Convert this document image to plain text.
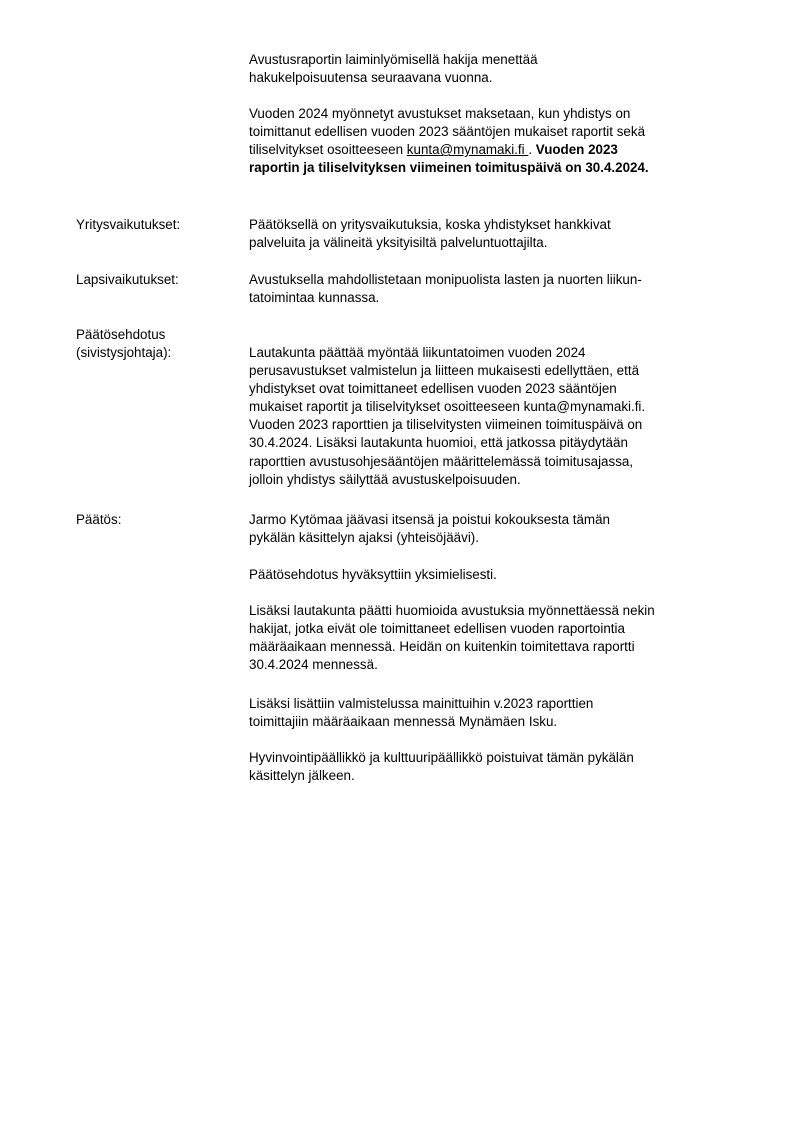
Avustusraportin laiminlyömisellä hakija menettää
hakukelpoisuutensa seuraavana vuonna.
Vuoden 2024 myönnetyt avustukset maksetaan, kun yhdistys on
toimittanut edellisen vuoden 2023 sääntöjen mukaiset raportit sekä
tiliselvitykset osoitteeseen kunta@mynamaki.fi . Vuoden 2023
raportin ja tiliselvityksen viimeinen toimituspäivä on 30.4.2024.
Yritysvaikutukset:	Päätöksellä on yritysvaikutuksia, koska yhdistykset hankkivat
palveluita ja välineitä yksityisiltä palveluntuottajilta.
Lapsivaikutukset:	Avustuksella mahdollistetaan monipuolista lasten ja nuorten liikun-
tatoimintaa kunnassa.
Päätösehdotus
(sivistysjohtaja):	Lautakunta päättää myöntää liikuntatoimen vuoden 2024
perusavustukset valmistelun ja liitteen mukaisesti edellyttäen, että
yhdistykset ovat toimittaneet edellisen vuoden 2023 sääntöjen
mukaiset raportit ja tiliselvitykset osoitteeseen kunta@mynamaki.fi.
Vuoden 2023 raporttien ja tiliselvitysten viimeinen toimituspäivä on
30.4.2024. Lisäksi lautakunta huomioi, että jatkossa pitäydytään
raporttien avustusohjesääntöjen määrittelemässä toimitusajassa,
jolloin yhdistys säilyttää avustuskelpoisuuden.
Päätös:	Jarmo Kytömaa jäävasi itsensä ja poistui kokouksesta tämän
pykälän käsittelyn ajaksi (yhteisöjäävi).
Päätösehdotus hyväksyttiin yksimielisesti.
Lisäksi lautakunta päätti huomioida avustuksia myönnettäessä nekin
hakijat, jotka eivät ole toimittaneet edellisen vuoden raportointia
määräaikaan mennessä. Heidän on kuitenkin toimitettava raportti
30.4.2024 mennessä.
Lisäksi lisättiin valmistelussa mainittuihin v.2023 raporttien
toimittajiin määräaikaan mennessä Mynämäen Isku.
Hyvinvointipäällikkö ja kulttuuripäällikkö poistuivat tämän pykälän
käsittelyn jälkeen.
